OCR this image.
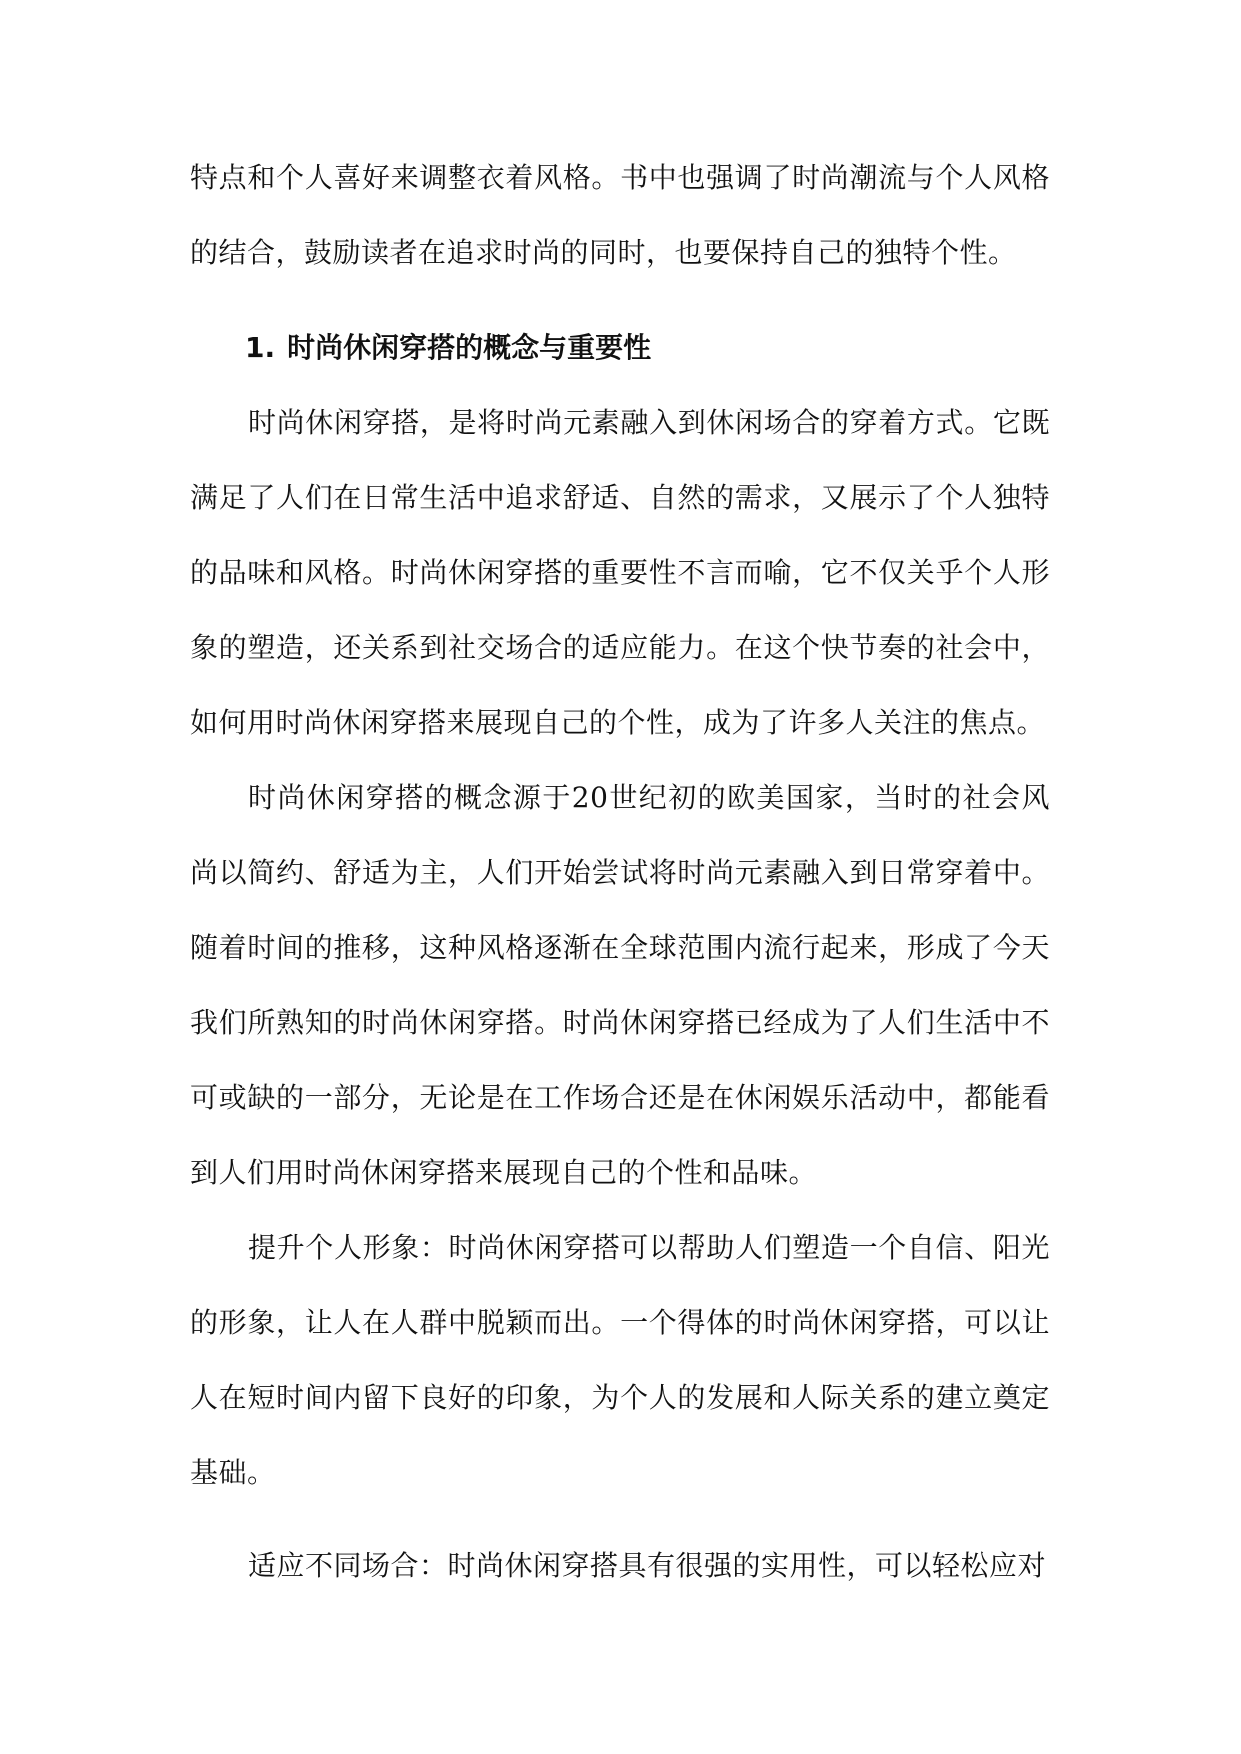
特点和个人喜好来调整衣着风格。书中也强调了时尚潮流与个人风格的结合，鼓励读者在追求时尚的同时，也要保持自己的独特个性。

1. 时尚休闲穿搭的概念与重要性

时尚休闲穿搭，是将时尚元素融入到休闲场合的穿着方式。它既满足了人们在日常生活中追求舒适、自然的需求，又展示了个人独特的品味和风格。时尚休闲穿搭的重要性不言而喻，它不仅关乎个人形象的塑造，还关系到社交场合的适应能力。在这个快节奏的社会中，如何用时尚休闲穿搭来展现自己的个性，成为了许多人关注的焦点。

时尚休闲穿搭的概念源于20世纪初的欧美国家，当时的社会风尚以简约、舒适为主，人们开始尝试将时尚元素融入到日常穿着中。随着时间的推移，这种风格逐渐在全球范围内流行起来，形成了今天我们所熟知的时尚休闲穿搭。时尚休闲穿搭已经成为了人们生活中不可或缺的一部分，无论是在工作场合还是在休闲娱乐活动中，都能看到人们用时尚休闲穿搭来展现自己的个性和品味。

提升个人形象：时尚休闲穿搭可以帮助人们塑造一个自信、阳光的形象，让人在人群中脱颖而出。一个得体的时尚休闲穿搭，可以让人在短时间内留下良好的印象，为个人的发展和人际关系的建立奠定基础。

适应不同场合：时尚休闲穿搭具有很强的实用性，可以轻松应对
